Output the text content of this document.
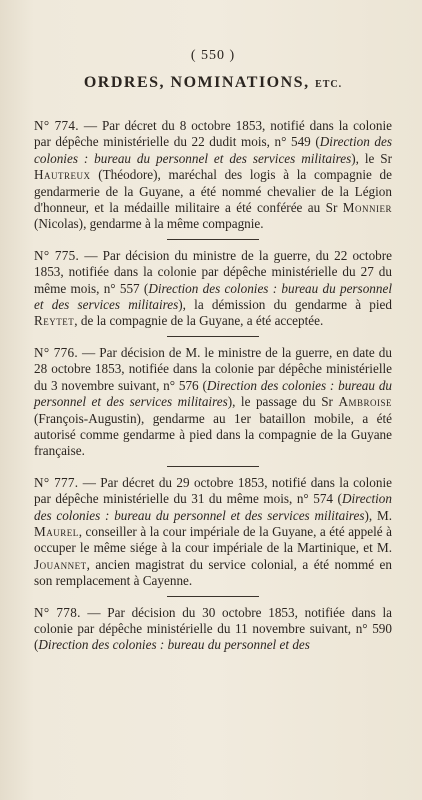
( 550 )
ORDRES, NOMINATIONS, ETC.

N° 774. — Par décret du 8 octobre 1853, notifié dans la colonie par dépêche ministérielle du 22 dudit mois, n° 549 (Direction des colonies : bureau du personnel et des services militaires), le Sr Hautreux (Théodore), maréchal des logis à la compagnie de gendarmerie de la Guyane, a été nommé chevalier de la Légion d'honneur, et la médaille militaire a été conférée au Sr Monnier (Nicolas), gendarme à la même compagnie.

N° 775. — Par décision du ministre de la guerre, du 22 octobre 1853, notifiée dans la colonie par dépêche ministérielle du 27 du même mois, n° 557 (Direction des colonies : bureau du personnel et des services militaires), la démission du gendarme à pied Reytet, de la compagnie de la Guyane, a été acceptée.

N° 776. — Par décision de M. le ministre de la guerre, en date du 28 octobre 1853, notifiée dans la colonie par dépêche ministérielle du 3 novembre suivant, n° 576 (Direction des colonies : bureau du personnel et des services militaires), le passage du Sr Ambroise (François-Augustin), gendarme au 1er bataillon mobile, a été autorisé comme gendarme à pied dans la compagnie de la Guyane française.

N° 777. — Par décret du 29 octobre 1853, notifié dans la colonie par dépêche ministérielle du 31 du même mois, n° 574 (Direction des colonies : bureau du personnel et des services militaires), M. Maurel, conseiller à la cour impériale de la Guyane, a été appelé à occuper le même siége à la cour impériale de la Martinique, et M. Jouannet, ancien magistrat du service colonial, a été nommé en son remplacement à Cayenne.

N° 778. — Par décision du 30 octobre 1853, notifiée dans la colonie par dépêche ministérielle du 11 novembre suivant, n° 590 (Direction des colonies : bureau du personnel et des
